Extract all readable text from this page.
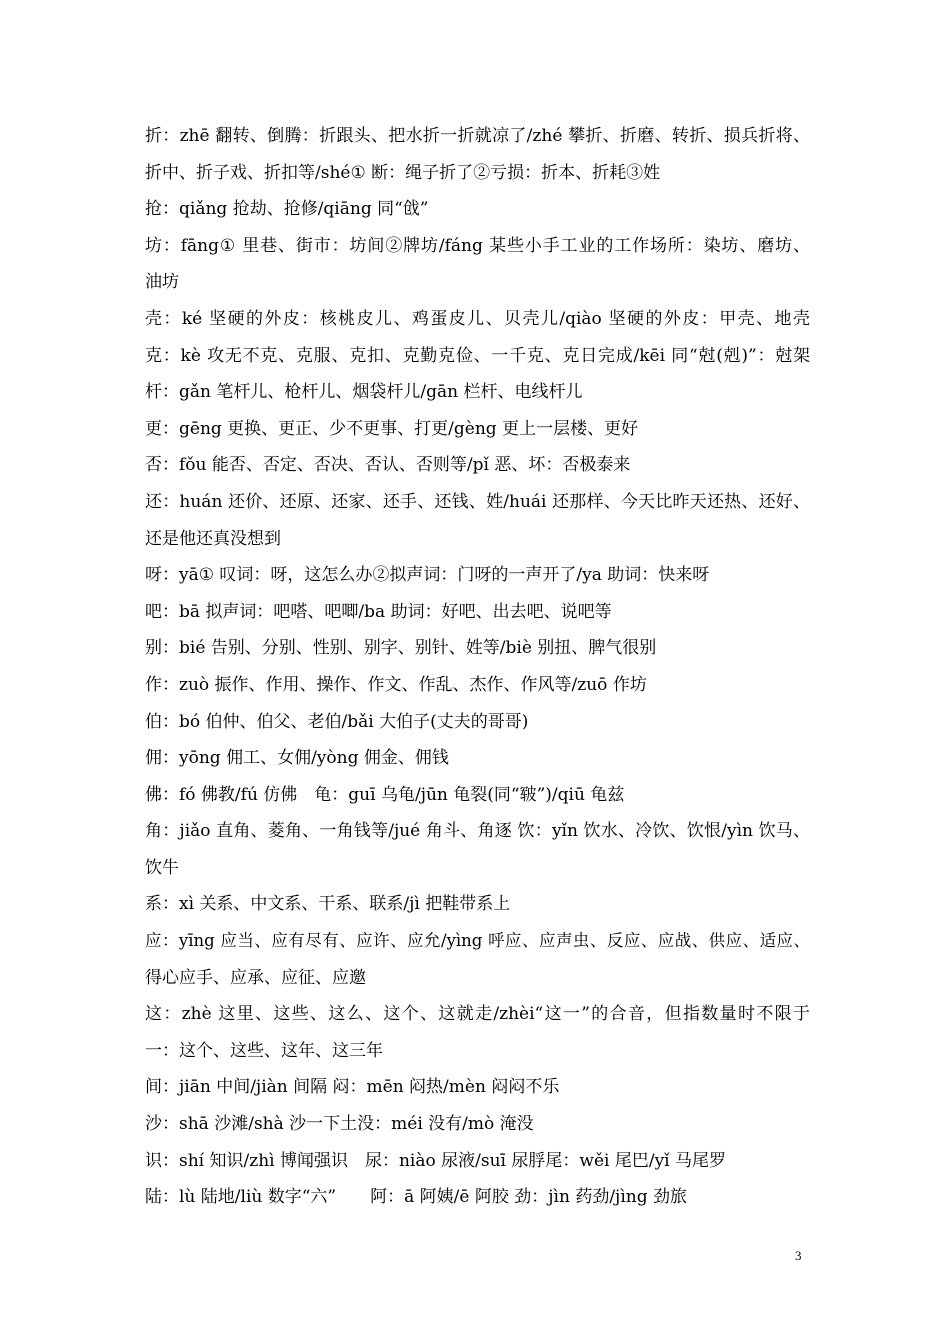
折：zhē 翻转、倒腾：折跟头、把水折一折就凉了/zhé 攀折、折磨、转折、损兵折将、
折中、折子戏、折扣等/shé① 断：绳子折了②亏损：折本、折耗③姓
抢：qiǎng 抢劫、抢修/qiāng 同“戗”
坊：fāng① 里巷、街市：坊间②牌坊/fáng 某些小手工业的工作场所：染坊、磨坊、
油坊
壳：ké 坚硬的外皮：核桃皮儿、鸡蛋皮儿、贝壳儿/qiào 坚硬的外皮：甲壳、地壳
克：kè 攻无不克、克服、克扣、克勤克俭、一千克、克日完成/kēi 同“尅(剋)”：尅架
杆：gǎn 笔杆儿、枪杆儿、烟袋杆儿/gān 栏杆、电线杆儿
更：gēng 更换、更正、少不更事、打更/gèng 更上一层楼、更好
否：fǒu 能否、否定、否决、否认、否则等/pǐ 恶、坏：否极泰来
还：huán 还价、还原、还家、还手、还钱、姓/huái 还那样、今天比昨天还热、还好、
还是他还真没想到
呀：yā① 叹词：呀，这怎么办②拟声词：门呀的一声开了/ya 助词：快来呀
吧：bā 拟声词：吧嗒、吧唧/ba 助词：好吧、出去吧、说吧等
别：bié 告别、分别、性别、别字、别针、姓等/biè 别扭、脾气很别
作：zuò 振作、作用、操作、作文、作乱、杰作、作风等/zuō 作坊
伯：bó 伯仲、伯父、老伯/bǎi 大伯子(丈夫的哥哥)
佣：yōng 佣工、女佣/yòng 佣金、佣钱
佛：fó 佛教/fú 仿佛　龟：guī 乌龟/jūn 龟裂(同“皲”)/qiū 龟兹
角：jiǎo 直角、菱角、一角钱等/jué 角斗、角逐 饮：yǐn 饮水、冷饮、饮恨/yìn 饮马、
饮牛
系：xì 关系、中文系、干系、联系/jì 把鞋带系上
应：yīng 应当、应有尽有、应许、应允/yìng 呼应、应声虫、反应、应战、供应、适应、
得心应手、应承、应征、应邀
这：zhè 这里、这些、这么、这个、这就走/zhèi“这一”的合音，但指数量时不限于
一：这个、这些、这年、这三年
间：jiān 中间/jiàn 间隔 闷：mēn 闷热/mèn 闷闷不乐
沙：shā 沙滩/shà 沙一下土没：méi 没有/mò 淹没
识：shí 知识/zhì 博闻强识　尿：niào 尿液/suī 尿脬尾：wěi 尾巴/yǐ 马尾罗
陆：lù 陆地/liù 数字“六”　　阿：ā 阿姨/ē 阿胶 劲：jìn 药劲/jìng 劲旅
3
